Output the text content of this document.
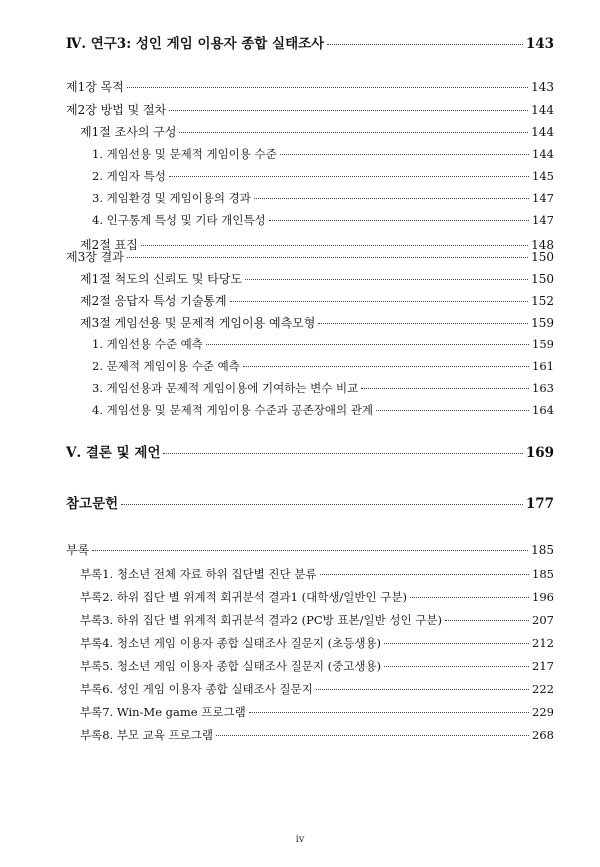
Ⅳ. 연구3: 성인 게임 이용자 종합 실태조사	143
제1장 목적	143
제2장 방법 및 절차	144
제1절 조사의 구성	144
1. 게임선용 및 문제적 게임이용 수준	144
2. 게임자 특성	145
3. 게임환경 및 게임이용의 경과	147
4. 인구통계 특성 및 기타 개인특성	147
제2절 표집	148
제3장 결과	150
제1절 척도의 신뢰도 및 타당도	150
제2절 응답자 특성 기술통계	152
제3절 게임선용 및 문제적 게임이용 예측모형	159
1. 게임선용 수준 예측	159
2. 문제적 게임이용 수준 예측	161
3. 게임선용과 문제적 게임이용에 기여하는 변수 비교	163
4. 게임선용 및 문제적 게임이용 수준과 공존장애의 관계	164
Ⅴ. 결론 및 제언	169
참고문헌	177
부록	185
부록1. 청소년 전체 자료 하위 집단별 진단 분류	185
부록2. 하위 집단 별 위계적 회귀분석 결과1 (대학생/일반인 구분)	196
부록3. 하위 집단 별 위계적 회귀분석 결과2 (PC방 표본/일반 성인 구분)	207
부록4. 청소년 게임 이용자 종합 실태조사 질문지 (초등생용)	212
부록5. 청소년 게임 이용자 종합 실태조사 질문지 (중고생용)	217
부록6. 성인 게임 이용자 종합 실태조사 질문지	222
부록7. Win-Me game 프로그램	229
부록8. 부모 교육 프로그램	268
iv
